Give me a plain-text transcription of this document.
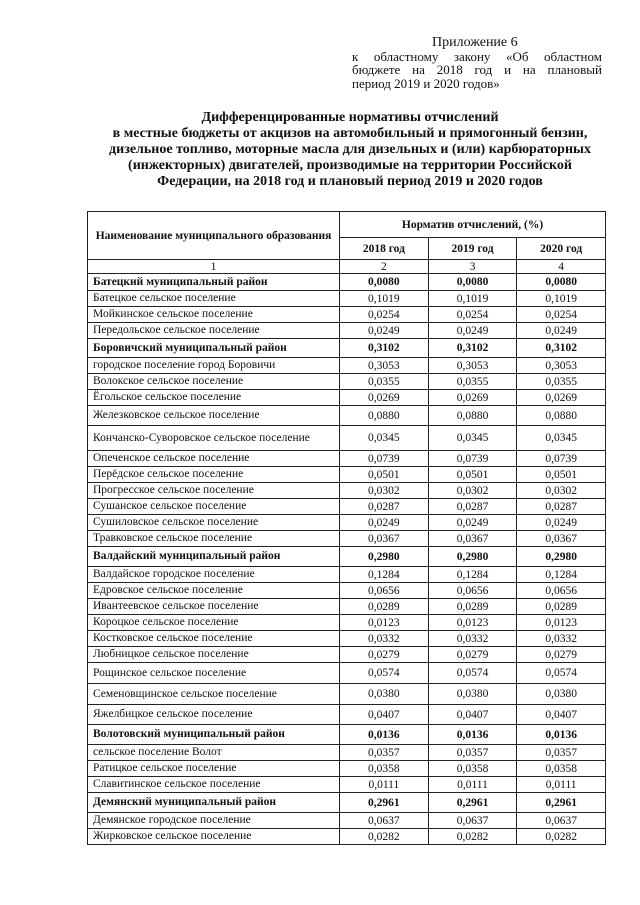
Приложение 6
к областному закону «Об областном
бюджете на 2018 год и на плановый
период 2019 и 2020 годов»
Дифференцированные нормативы отчислений
в местные бюджеты от акцизов на автомобильный и прямогонный бензин,
дизельное топливо, моторные масла для дизельных и (или) карбюраторных
(инжекторных) двигателей, производимые на территории Российской
Федерации, на 2018 год и плановый период 2019 и 2020 годов
Наименование муниципального образования	Норматив отчислений, (%)		
	2018 год	2019 год	2020 год
1	2	3	4
Батецкий муниципальный район	0,0080	0,0080	0,0080
Батецкое сельское поселение	0,1019	0,1019	0,1019
Мойкинское сельское поселение	0,0254	0,0254	0,0254
Передольское сельское поселение	0,0249	0,0249	0,0249
Боровичский муниципальный район	0,3102	0,3102	0,3102
городское поселение город Боровичи	0,3053	0,3053	0,3053
Волокское сельское поселение	0,0355	0,0355	0,0355
Ёгольское сельское поселение	0,0269	0,0269	0,0269
Железковское сельское поселение	0,0880	0,0880	0,0880
Кончанско-Суворовское сельское поселение	0,0345	0,0345	0,0345
Опеченское сельское поселение	0,0739	0,0739	0,0739
Перёдское сельское поселение	0,0501	0,0501	0,0501
Прогресское сельское поселение	0,0302	0,0302	0,0302
Сушанское сельское поселение	0,0287	0,0287	0,0287
Сушиловское сельское поселение	0,0249	0,0249	0,0249
Травковское сельское поселение	0,0367	0,0367	0,0367
Валдайский муниципальный район	0,2980	0,2980	0,2980
Валдайское городское поселение	0,1284	0,1284	0,1284
Едровское сельское поселение	0,0656	0,0656	0,0656
Ивантеевское сельское поселение	0,0289	0,0289	0,0289
Короцкое сельское поселение	0,0123	0,0123	0,0123
Костковское сельское поселение	0,0332	0,0332	0,0332
Любницкое сельское поселение	0,0279	0,0279	0,0279
Рощинское сельское поселение	0,0574	0,0574	0,0574
Семеновщинское сельское поселение	0,0380	0,0380	0,0380
Яжелбицкое сельское поселение	0,0407	0,0407	0,0407
Волотовский муниципальный район	0,0136	0,0136	0,0136
сельское поселение Волот	0,0357	0,0357	0,0357
Ратицкое сельское поселение	0,0358	0,0358	0,0358
Славитинское сельское поселение	0,0111	0,0111	0,0111
Демянский муниципальный район	0,2961	0,2961	0,2961
Демянское городское поселение	0,0637	0,0637	0,0637
Жирковское сельское поселение	0,0282	0,0282	0,0282
